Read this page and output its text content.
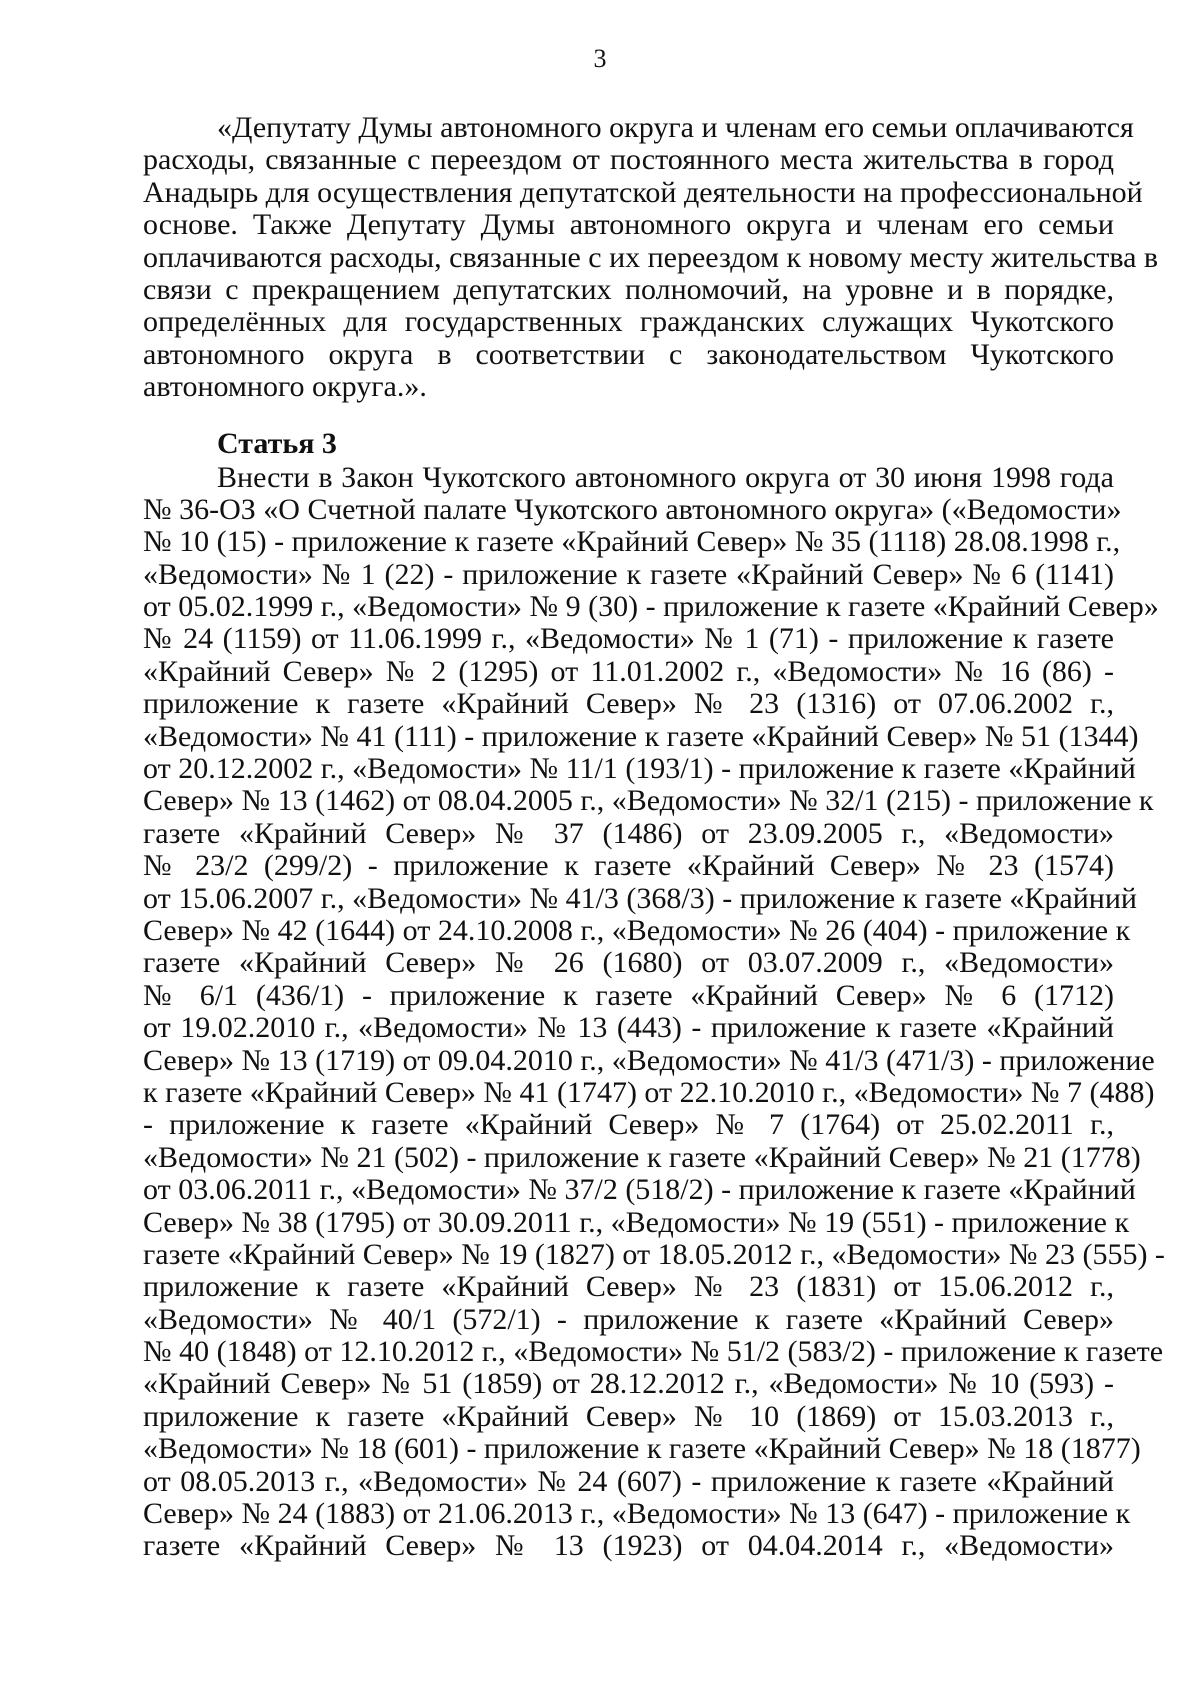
3
«Депутату Думы автономного округа и членам его семьи оплачиваются
расходы, связанные с переездом от постоянного места жительства в город
Анадырь для осуществления депутатской деятельности на профессиональной
основе. Также Депутату Думы автономного округа и членам его семьи
оплачиваются расходы, связанные с их переездом к новому месту жительства в
связи с прекращением депутатских полномочий, на уровне и в порядке,
определённых для государственных гражданских служащих Чукотского
автономного округа в соответствии с законодательством Чукотского
автономного округа.».
Статья 3
Внести в Закон Чукотского автономного округа от 30 июня 1998 года
№ 36-ОЗ «О Счетной палате Чукотского автономного округа» («Ведомости»
№ 10 (15) - приложение к газете «Крайний Север» № 35 (1118) 28.08.1998 г.,
«Ведомости» № 1 (22) - приложение к газете «Крайний Север» № 6 (1141)
от 05.02.1999 г., «Ведомости» № 9 (30) - приложение к газете «Крайний Север»
№ 24 (1159) от 11.06.1999 г., «Ведомости» № 1 (71) - приложение к газете
«Крайний Север» № 2 (1295) от 11.01.2002 г., «Ведомости» № 16 (86) -
приложение к газете «Крайний Север» № 23 (1316) от 07.06.2002 г.,
«Ведомости» № 41 (111) - приложение к газете «Крайний Север» № 51 (1344)
от 20.12.2002 г., «Ведомости» № 11/1 (193/1) - приложение к газете «Крайний
Север» № 13 (1462) от 08.04.2005 г., «Ведомости» № 32/1 (215) - приложение к
газете «Крайний Север» № 37 (1486) от 23.09.2005 г., «Ведомости»
№ 23/2 (299/2) - приложение к газете «Крайний Север» № 23 (1574)
от 15.06.2007 г., «Ведомости» № 41/3 (368/3) - приложение к газете «Крайний
Север» № 42 (1644) от 24.10.2008 г., «Ведомости» № 26 (404) - приложение к
газете «Крайний Север» № 26 (1680) от 03.07.2009 г., «Ведомости»
№ 6/1 (436/1) - приложение к газете «Крайний Север» № 6 (1712)
от 19.02.2010 г., «Ведомости» № 13 (443) - приложение к газете «Крайний
Север» № 13 (1719) от 09.04.2010 г., «Ведомости» № 41/3 (471/3) - приложение
к газете «Крайний Север» № 41 (1747) от 22.10.2010 г., «Ведомости» № 7 (488)
- приложение к газете «Крайний Север» № 7 (1764) от 25.02.2011 г.,
«Ведомости» № 21 (502) - приложение к газете «Крайний Север» № 21 (1778)
от 03.06.2011 г., «Ведомости» № 37/2 (518/2) - приложение к газете «Крайний
Север» № 38 (1795) от 30.09.2011 г., «Ведомости» № 19 (551) - приложение к
газете «Крайний Север» № 19 (1827) от 18.05.2012 г., «Ведомости» № 23 (555) -
приложение к газете «Крайний Север» № 23 (1831) от 15.06.2012 г.,
«Ведомости» № 40/1 (572/1) - приложение к газете «Крайний Север»
№ 40 (1848) от 12.10.2012 г., «Ведомости» № 51/2 (583/2) - приложение к газете
«Крайний Север» № 51 (1859) от 28.12.2012 г., «Ведомости» № 10 (593) -
приложение к газете «Крайний Север» № 10 (1869) от 15.03.2013 г.,
«Ведомости» № 18 (601) - приложение к газете «Крайний Север» № 18 (1877)
от 08.05.2013 г., «Ведомости» № 24 (607) - приложение к газете «Крайний
Север» № 24 (1883) от 21.06.2013 г., «Ведомости» № 13 (647) - приложение к
газете «Крайний Север» № 13 (1923) от 04.04.2014 г., «Ведомости»
